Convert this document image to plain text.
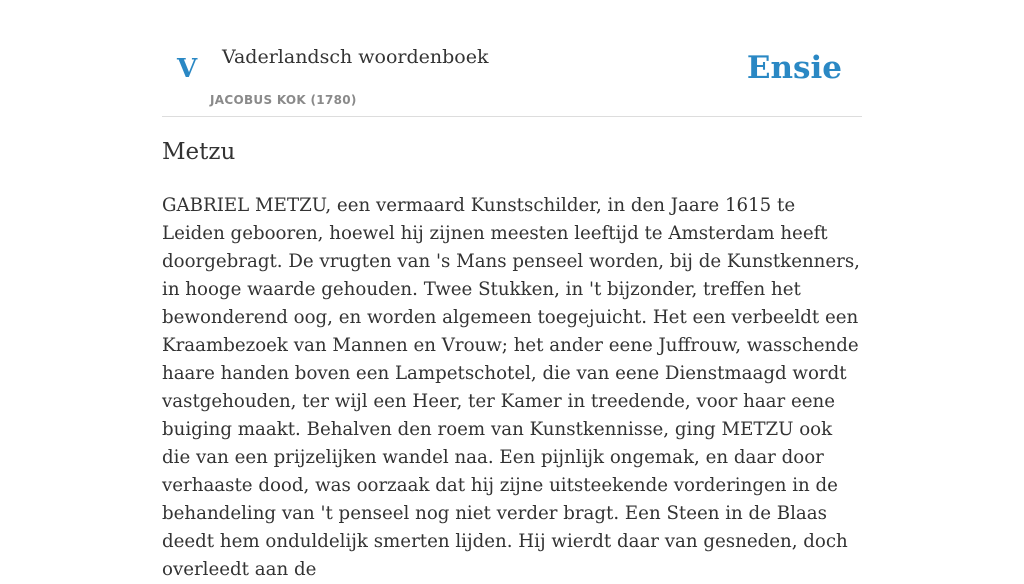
V Vaderlandsch woordenboek
JACOBUS KOK (1780)
Ensie
Metzu

GABRIEL METZU, een vermaard Kunstschilder, in den Jaare 1615 te Leiden gebooren, hoewel hij zijnen meesten leeftijd te Amsterdam heeft doorgebragt. De vrugten van 's Mans penseel worden, bij de Kunstkenners, in hooge waarde gehouden. Twee Stukken, in 't bijzonder, treffen het bewonderend oog, en worden algemeen toegejuicht. Het een verbeeldt een Kraambezoek van Mannen en Vrouw; het ander eene Juffrouw, wasschende haare handen boven een Lampetschotel, die van eene Dienstmaagd wordt vastgehouden, ter wijl een Heer, ter Kamer in treedende, voor haar eene buiging maakt. Behalven den roem van Kunstkennisse, ging METZU ook die van een prijzelijken wandel naa. Een pijnlijk ongemak, en daar door verhaaste dood, was oorzaak dat hij zijne uitsteekende vorderingen in de behandeling van 't penseel nog niet verder bragt. Een Steen in de Blaas deedt hem onduldelijk smerten lijden. Hij wierdt daar van gesneden, doch overleedt aan de
